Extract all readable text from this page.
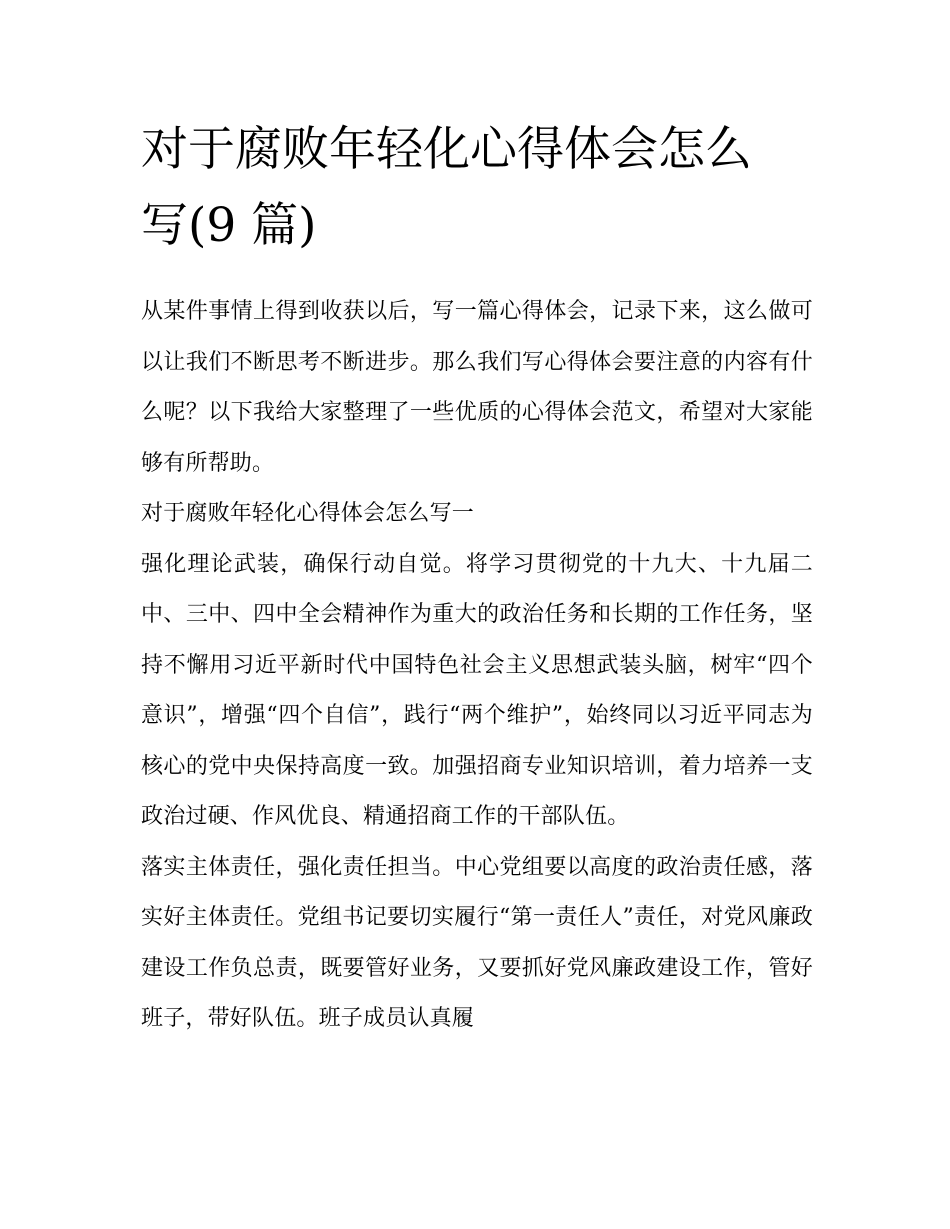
对于腐败年轻化心得体会怎么
写(9 篇)

从某件事情上得到收获以后，写一篇心得体会，记录下来，这么做可以让我们不断思考不断进步。那么我们写心得体会要注意的内容有什么呢？以下我给大家整理了一些优质的心得体会范文，希望对大家能够有所帮助。

对于腐败年轻化心得体会怎么写一

强化理论武装，确保行动自觉。将学习贯彻党的十九大、十九届二中、三中、四中全会精神作为重大的政治任务和长期的工作任务，坚持不懈用习近平新时代中国特色社会主义思想武装头脑，树牢“四个意识”，增强“四个自信”，践行“两个维护”，始终同以习近平同志为核心的党中央保持高度一致。加强招商专业知识培训，着力培养一支政治过硬、作风优良、精通招商工作的干部队伍。

落实主体责任，强化责任担当。中心党组要以高度的政治责任感，落实好主体责任。党组书记要切实履行“第一责任人”责任，对党风廉政建设工作负总责，既要管好业务，又要抓好党风廉政建设工作，管好班子，带好队伍。班子成员认真履
